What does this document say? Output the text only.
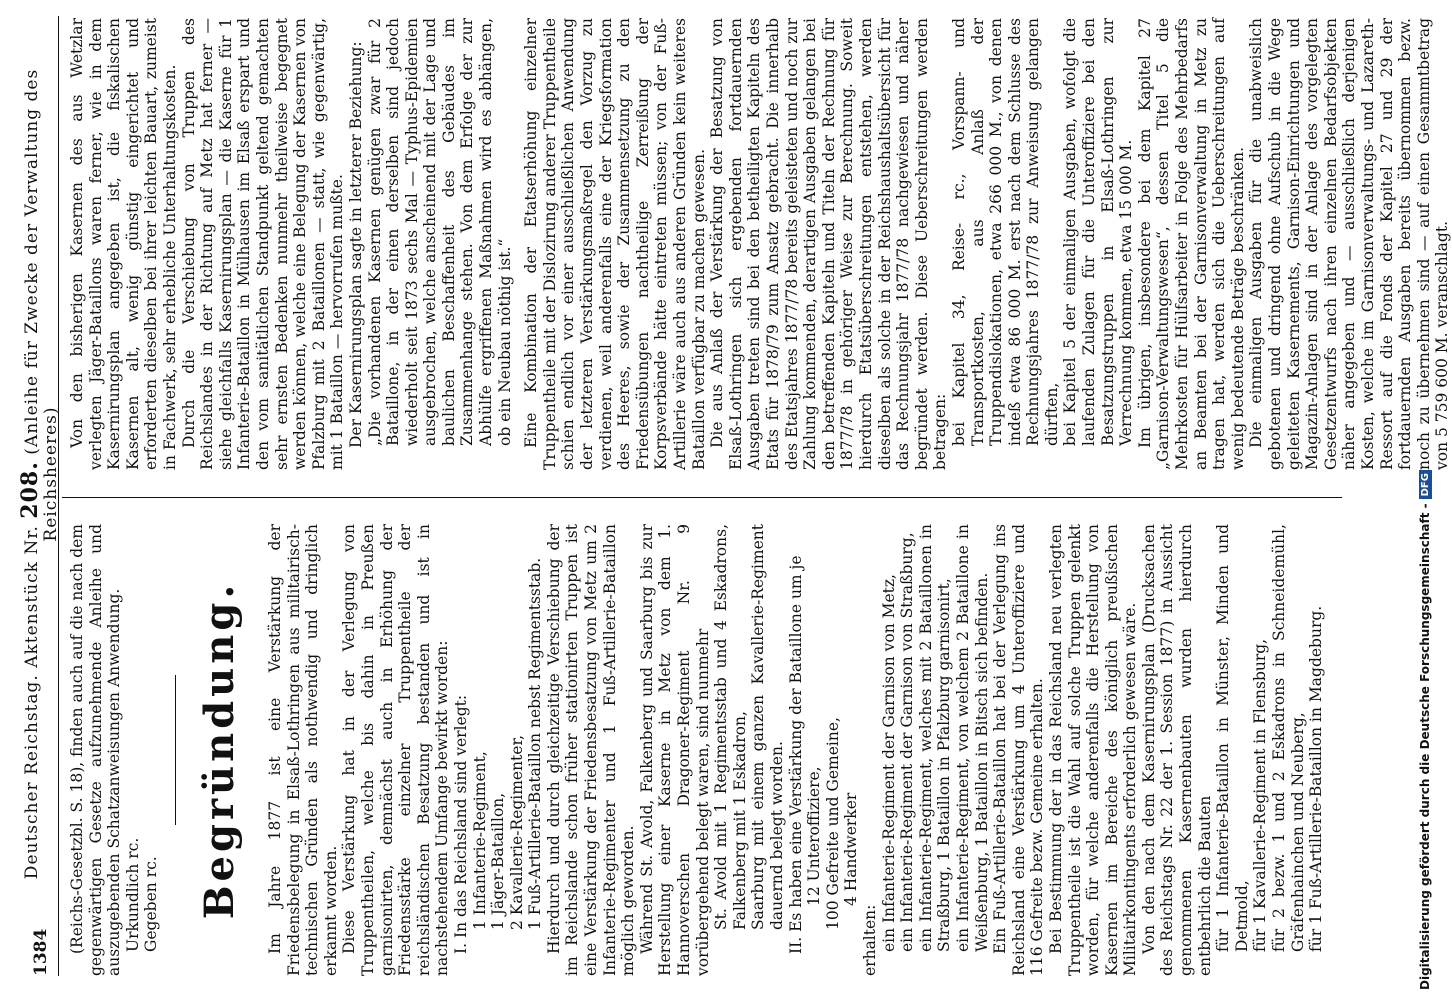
1384
Deutscher Reichstag. Aktenstück Nr. 208. (Anleihe für Zwecke der Verwaltung des Reichsheeres)

(Reichs-Gesetzbl. S. 18), finden auch auf die nach dem gegenwärtigen Gesetze aufzunehmende Anleihe und auszugebenden Schatzanweisungen Anwendung. Urkundlich rc. Gegeben rc. Begründung. Im Jahre 1877 ist eine Verstärkung der Friedensbelegung in Elsaß-Lothringen aus militairisch-technischen Gründen als nothwendig und dringlich erkannt worden. Diese Verstärkung hat in der Verlegung von Truppentheilen, welche bis dahin in Preußen garnisonirten, demnächst auch in Erhöhung der Friedensstärke einzelner Truppentheile der reichsländischen Besatzung bestanden und ist in nachstehendem Umfange bewirkt worden: I. In das Reichsland sind verlegt: 1 Infanterie-Regiment, 1 Jäger-Bataillon, 2 Kavallerie-Regimenter, 1 Fuß-Artillerie-Bataillon nebst Regimentsstab. Hierdurch und durch gleichzeitige Verschiebung der im Reichslande schon früher stationirten Truppen ist eine Verstärkung der Friedensbesatzung von Metz um 2 Infanterie-Regimenter und 1 Fuß-Artillerie-Bataillon möglich geworden. Während St. Avold, Falkenberg und Saarburg bis zur Herstellung einer Kaserne in Metz von dem 1. Hannoverschen Dragoner-Regiment Nr. 9 vorübergehend belegt waren, sind nunmehr St. Avold mit 1 Regimentsstab und 4 Eskadrons, Falkenberg mit 1 Eskadron, Saarburg mit einem ganzen Kavallerie-Regiment dauernd belegt worden. II. Es haben eine Verstärkung der Bataillone um je 12 Unteroffiziere, 100 Gefreite und Gemeine, 4 Handwerker

erhalten: ein Infanterie-Regiment der Garnison von Metz, ein Infanterie-Regiment der Garnison von Straßburg, ein Infanterie-Regiment, welches mit 2 Bataillonen in Straßburg, 1 Bataillon in Pfalzburg garnisonirt, ein Infanterie-Regiment, von welchem 2 Bataillone in Weißenburg, 1 Bataillon in Bitsch sich befinden. Ein Fuß-Artillerie-Bataillon hat bei der Verlegung ins Reichsland eine Verstärkung um 4 Unteroffiziere und 116 Gefreite bezw. Gemeine erhalten. Bei Bestimmung der in das Reichsland neu verlegten Truppentheile ist die Wahl auf solche Truppen gelenkt worden, für welche anderenfalls die Herstellung von Kasernen im Bereiche des königlich preußischen Militairkontingents erforderlich gewesen wäre. Von den nach dem Kasernirungsplan (Drucksachen des Reichstags Nr. 22 der 1. Session 1877) in Aussicht genommenen Kasernenbauten wurden hierdurch entbehrlich die Bauten für 1 Infanterie-Bataillon in Münster, Minden und Detmold, für 1 Kavallerie-Regiment in Flensburg, für 2 bezw. 1 und 2 Eskadrons in Schneidemühl, Gräfenhainchen und Neuberg, für 1 Fuß-Artillerie-Bataillon in Magdeburg.

Von den bisherigen Kasernen des aus Wetzlar verlegten Jäger-Bataillons waren ferner, wie in dem Kasernirungsplan angegeben ist, die fiskalischen Kasernen alt, wenig günstig eingerichtet und erforderten dieselben bei ihrer leichten Bauart, zumeist in Fachwerk, sehr erhebliche Unterhaltungskosten. Durch die Verschiebung von Truppen des Reichslandes in der Richtung auf Metz hat ferner — siehe gleichfalls Kasernirungsplan — die Kaserne für 1 Infanterie-Bataillon in Mülhausen im Elsaß erspart und den vom sanitätlichen Standpunkt geltend gemachten sehr ernsten Bedenken nunmehr theilweise begegnet werden können, welche eine Belegung der Kasernen von Pfalzburg mit 2 Bataillonen — statt, wie gegenwärtig, mit 1 Bataillon — hervorrufen mußte. Der Kasernirungsplan sagte in letzterer Beziehung: „Die vorhandenen Kasernen genügen zwar für 2 Bataillone, in der einen derselben sind jedoch wiederholt seit 1873 sechs Mal — Typhus-Epidemien ausgebrochen, welche anscheinend mit der Lage und baulichen Beschaffenheit des Gebäudes im Zusammenhange stehen. Von dem Erfolge der zur Abhülfe ergriffenen Maßnahmen wird es abhängen, ob ein Neubau nöthig ist.“ Eine Kombination der Etatserhöhung einzelner Truppentheile mit der Dislozirung anderer Truppentheile schien endlich vor einer ausschließlichen Anwendung der letzteren Verstärkungsmaßregel den Vorzug zu verdienen, weil anderenfalls eine der Kriegsformation des Heeres, sowie der Zusammensetzung zu den Friedensübungen nachtheilige Zerreißung der Korpsverbände hätte eintreten müssen; von der Fuß-Artillerie wäre auch aus anderen Gründen kein weiteres Bataillon verfügbar zu machen gewesen. Die aus Anlaß der Verstärkung der Besatzung von Elsaß-Lothringen sich ergebenden fortdauernden Ausgaben treten sind bei den betheiligten Kapiteln des Etats für 1878/79 zum Ansatz gebracht. Die innerhalb des Etatsjahres 1877/78 bereits geleisteten und noch zur Zahlung kommenden, derartigen Ausgaben gelangen bei den betreffenden Kapiteln und Titeln der Rechnung für 1877/78 in gehöriger Weise zur Berechnung. Soweit hierdurch Etatsüberschreitungen entstehen, werden dieselben als solche in der Reichshaushaltsübersicht für das Rechnungsjahr 1877/78 nachgewiesen und näher begründet werden. Diese Ueberschreitungen werden betragen: bei Kapitel 34, Reise- rc., Vorspann- und Transportkosten, aus Anlaß der Truppendislokationen, etwa 266 000 M., von denen indeß etwa 86 000 M. erst nach dem Schlusse des Rechnungsjahres 1877/78 zur Anweisung gelangen dürften, bei Kapitel 5 der einmaligen Ausgaben, wofolgt die laufenden Zulagen für die Unteroffiziere bei den Besatzungstruppen in Elsaß-Lothringen zur Verrechnung kommen, etwa 15 000 M. Im übrigen, insbesondere bei dem Kapitel 27 „Garnison-Verwaltungswesen“, dessen Titel 5 die Mehrkosten für Hülfsarbeiter in Folge des Mehrbedarfs an Beamten bei der Garnisonverwaltung in Metz zu tragen hat, werden sich die Ueberschreitungen auf wenig bedeutende Beträge beschränken. Die einmaligen Ausgaben für die unabweislich gebotenen und dringend ohne Aufschub in die Wege geleiteten Kasernements, Garnison-Einrichtungen und Magazin-Anlagen sind in der Anlage des vorgelegten Gesetzentwurfs nach ihren einzelnen Bedarfsobjekten näher angegeben und — ausschließlich derjenigen Kosten, welche im Garnisonverwaltungs- und Lazareth-Ressort auf die Fonds der Kapitel 27 und 29 der fortdauernden Ausgaben bereits übernommen bezw. noch zu übernehmen sind — auf einen Gesammtbetrag von 5 759 600 M. veranschlagt.

Digitalisierung gefördert durch die Deutsche Forschungsgemeinschaft -
DFG
